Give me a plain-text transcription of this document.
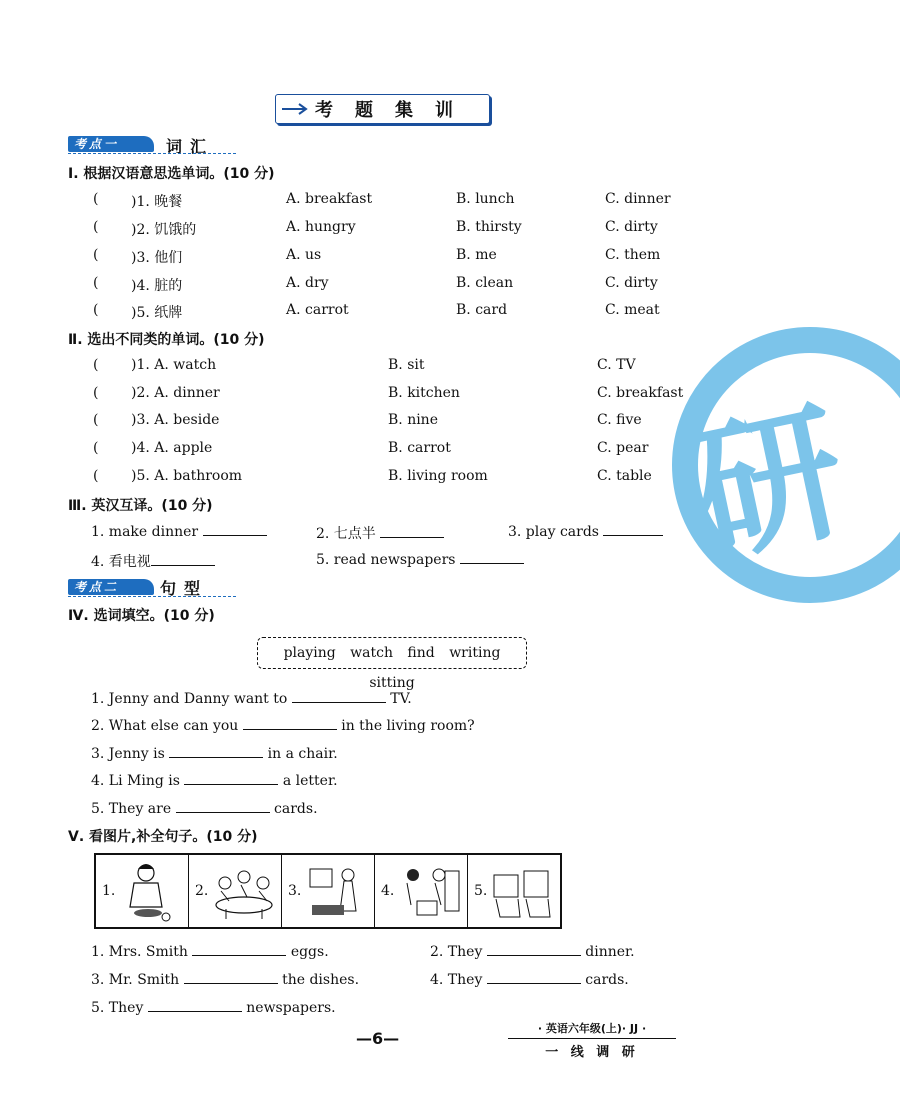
研
考题集训
考点一	词汇
Ⅰ. 根据汉语意思选单词。(10 分)
( )1. 晚餐	A. breakfast	B. lunch	C. dinner
( )2. 饥饿的	A. hungry	B. thirsty	C. dirty
( )3. 他们	A. us	B. me	C. them
( )4. 脏的	A. dry	B. clean	C. dirty
( )5. 纸牌	A. carrot	B. card	C. meat
Ⅱ. 选出不同类的单词。(10 分)
( )1. A. watch	B. sit	C. TV
( )2. A. dinner	B. kitchen	C. breakfast
( )3. A. beside	B. nine	C. five
( )4. A. apple	B. carrot	C. pear
( )5. A. bathroom	B. living room	C. table
Ⅲ. 英汉互译。(10 分)
1. make dinner	2. 七点半	3. play cards
4. 看电视	5. read newspapers
考点二	句型
Ⅳ. 选词填空。(10 分)
playing watch find writing sitting
1. Jenny and Danny want to	TV.
2. What else can you	in the living room?
3. Jenny is	in a chair.
4. Li Ming is	a letter.
5. They are	cards.
Ⅴ. 看图片,补全句子。(10 分)
1.	2.	3.	4.	5.
1. Mrs. Smith	eggs.	2. They	dinner.
3. Mr. Smith	the dishes.	4. They	cards.
5. They	newspapers.
—6—
· 英语六年级(上)· JJ ·
一 线 调 研
